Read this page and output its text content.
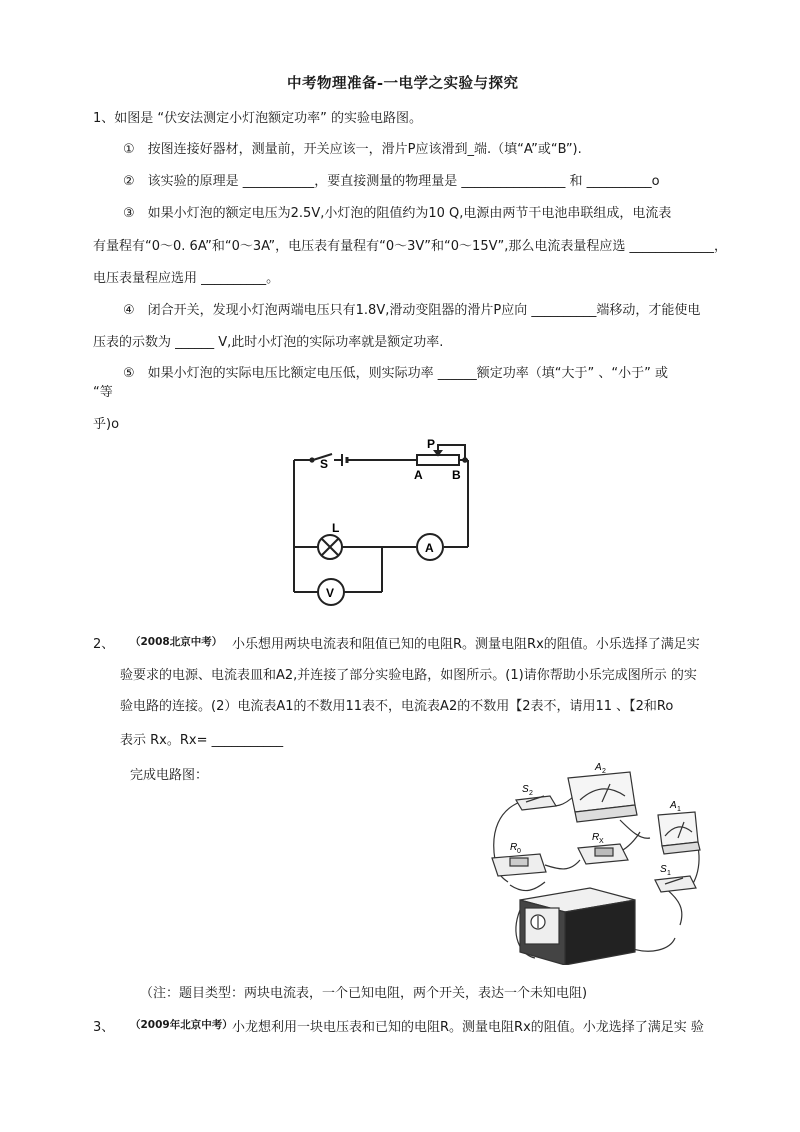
中考物理准备-一电学之实验与探究
1、如图是 “伏安法测定小灯泡额定功率” 的实验电路图。
①　按图连接好器材，测量前，开关应该一，滑片P应该滑到_端.（填“A”或“B”).
②　该实验的原理是 ___________，要直接测量的物理量是 ________________ 和 __________o
③　如果小灯泡的额定电压为2.5V,小灯泡的阻值约为10 Q,电源由两节干电池串联组成，电流表
有量程有“0～0. 6A”和“0～3A”，电压表有量程有“0～3V”和“0～15V”,那么电流表量程应选 _____________，
电压表量程应选用 __________。
④　闭合开关，发现小灯泡两端电压只有1.8V,滑动变阻器的滑片P应向 __________端移动，才能使电
压表的示数为 ______ V,此时小灯泡的实际功率就是额定功率.
⑤　如果小灯泡的实际电压比额定电压低，则实际功率 ______额定功率（填“大于” 、“小于” 或
“等
乎)o
S
P
A B
L
A
V
2、 （2008北京中考） 小乐想用两块电流表和阻值已知的电阻R。测量电阻Rx的阻值。小乐选择了满足实
验要求的电源、电流表皿和A2,并连接了部分实验电路，如图所示。(1)请你帮助小乐完成图所示 的实
验电路的连接。(2）电流表A1的不数用11表不，电流表A2的不数用【2表不，请用11 、【2和Ro
表示 Rx。Rx= ___________
完成电路图：
S 2
A 2
A 1
R 0
R X
S 1
（注：题目类型：两块电流表，一个已知电阻，两个开关，表达一个未知电阻)
3、 （2009年北京中考） 小龙想利用一块电压表和已知的电阻R。测量电阻Rx的阻值。小龙选择了满足实 验
